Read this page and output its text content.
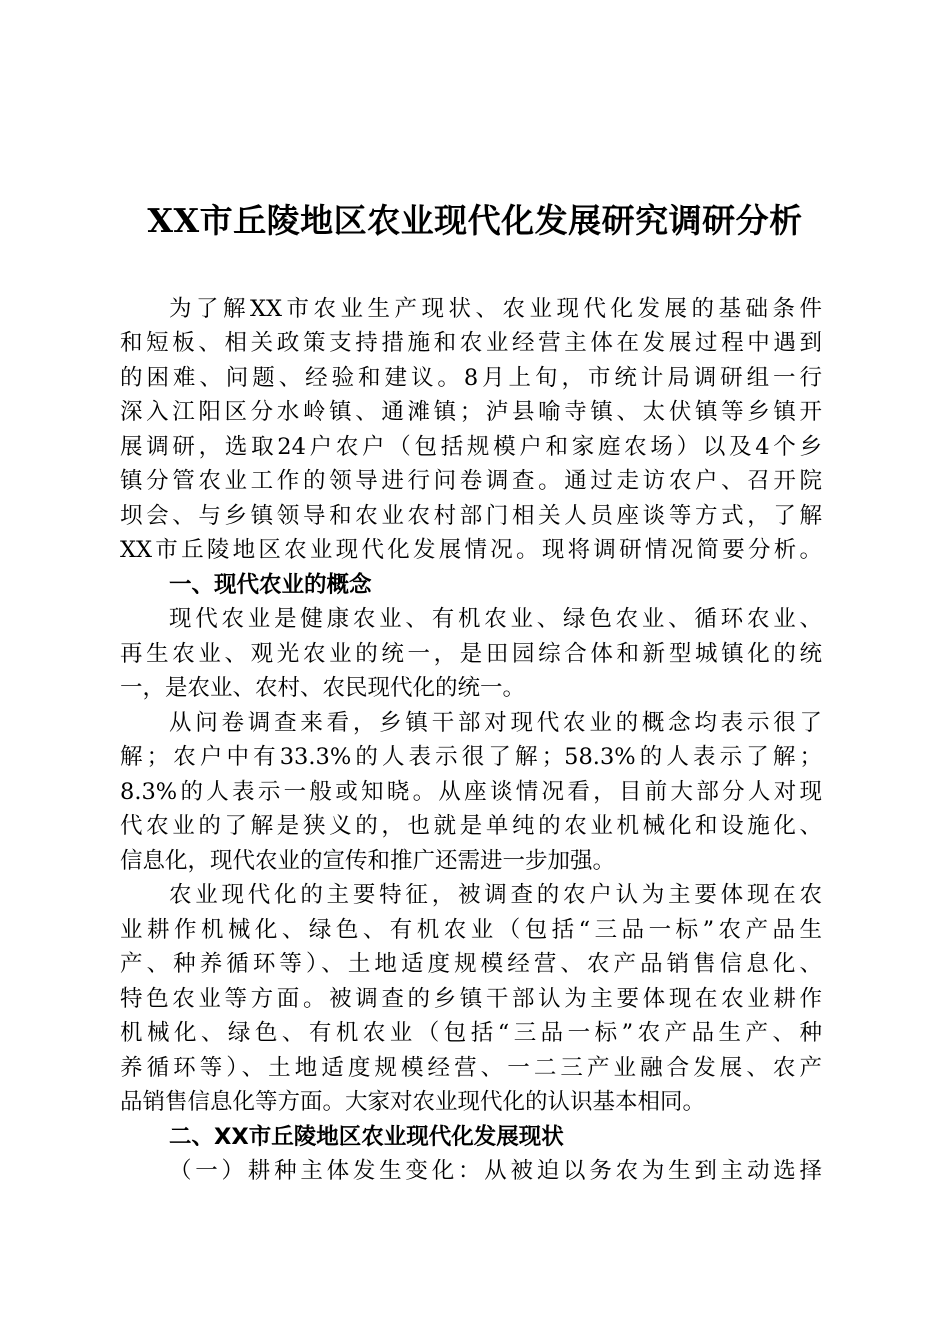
XX市丘陵地区农业现代化发展研究调研分析
为了解XX市农业生产现状、农业现代化发展的基础条件
和短板、相关政策支持措施和农业经营主体在发展过程中遇到
的困难、问题、经验和建议。8月上旬，市统计局调研组一行
深入江阳区分水岭镇、通滩镇；泸县喻寺镇、太伏镇等乡镇开
展调研，选取24户农户（包括规模户和家庭农场）以及4个乡
镇分管农业工作的领导进行问卷调查。通过走访农户、召开院
坝会、与乡镇领导和农业农村部门相关人员座谈等方式，了解
XX市丘陵地区农业现代化发展情况。现将调研情况简要分析。
一、现代农业的概念
现代农业是健康农业、有机农业、绿色农业、循环农业、
再生农业、观光农业的统一，是田园综合体和新型城镇化的统
一，是农业、农村、农民现代化的统一。
从问卷调查来看，乡镇干部对现代农业的概念均表示很了
解；农户中有33.3%的人表示很了解；58.3%的人表示了解；
8.3%的人表示一般或知晓。从座谈情况看，目前大部分人对现
代农业的了解是狭义的，也就是单纯的农业机械化和设施化、
信息化，现代农业的宣传和推广还需进一步加强。
农业现代化的主要特征，被调查的农户认为主要体现在农
业耕作机械化、绿色、有机农业（包括“三品一标”农产品生
产、种养循环等）、土地适度规模经营、农产品销售信息化、
特色农业等方面。被调查的乡镇干部认为主要体现在农业耕作
机械化、绿色、有机农业（包括“三品一标”农产品生产、种
养循环等）、土地适度规模经营、一二三产业融合发展、农产
品销售信息化等方面。大家对农业现代化的认识基本相同。
二、XX市丘陵地区农业现代化发展现状
（一）耕种主体发生变化：从被迫以务农为生到主动选择
